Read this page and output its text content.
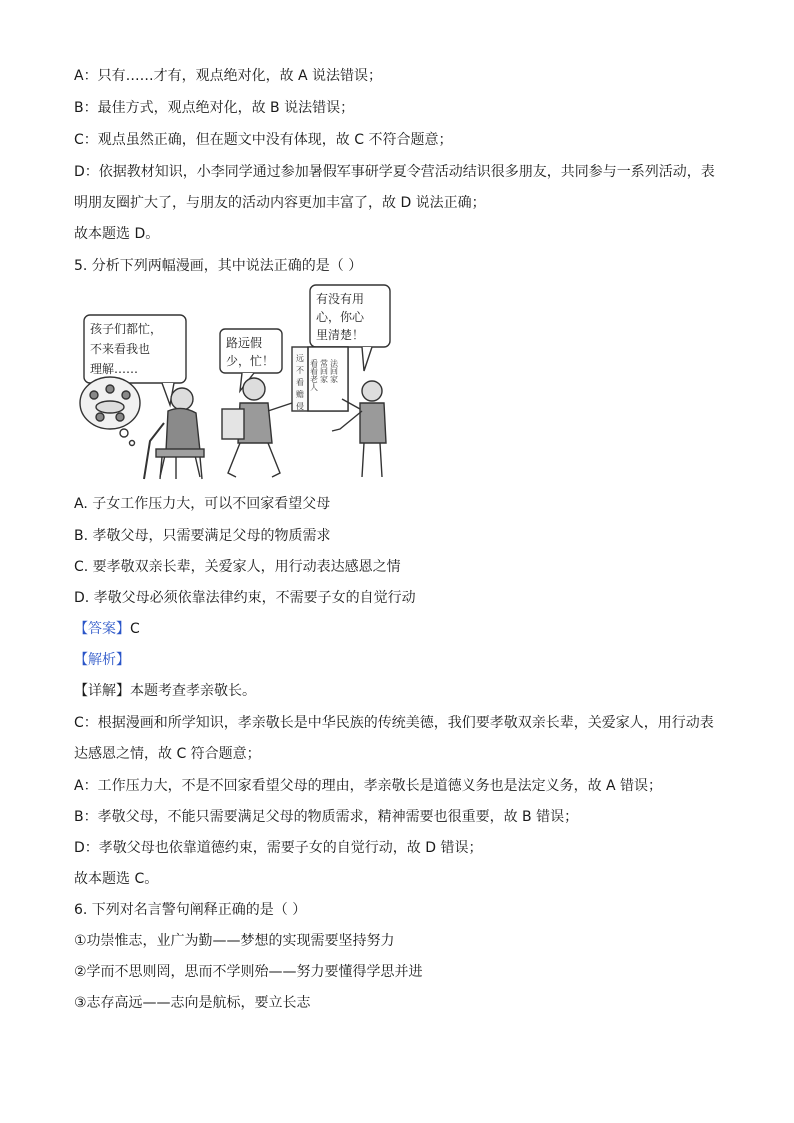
A：只有……才有，观点绝对化，故 A 说法错误；
B：最佳方式，观点绝对化，故 B 说法错误；
C：观点虽然正确，但在题文中没有体现，故 C 不符合题意；
D：依据教材知识，小李同学通过参加暑假军事研学夏令营活动结识很多朋友，共同参与一系列活动，表
明朋友圈扩大了，与朋友的活动内容更加丰富了，故 D 说法正确；
故本题选 D。
5. 分析下列两幅漫画，其中说法正确的是（ ）
孩子们都忙，
不来看我也
理解……
路远假
少，忙！
有没有用
心，你心
里清楚！
法回家
常回家
看看老人
远
不
看
赡
侵
A. 子女工作压力大，可以不回家看望父母
B. 孝敬父母，只需要满足父母的物质需求
C. 要孝敬双亲长辈，关爱家人，用行动表达感恩之情
D. 孝敬父母必须依靠法律约束，不需要子女的自觉行动
【答案】C
【解析】
【详解】本题考查孝亲敬长。
C：根据漫画和所学知识，孝亲敬长是中华民族的传统美德，我们要孝敬双亲长辈，关爱家人，用行动表
达感恩之情，故 C 符合题意；
A：工作压力大，不是不回家看望父母的理由，孝亲敬长是道德义务也是法定义务，故 A 错误；
B：孝敬父母，不能只需要满足父母的物质需求，精神需要也很重要，故 B 错误；
D：孝敬父母也依靠道德约束，需要子女的自觉行动，故 D 错误；
故本题选 C。
6. 下列对名言警句阐释正确的是（ ）
①功崇惟志，业广为勤——梦想的实现需要坚持努力
②学而不思则罔，思而不学则殆——努力要懂得学思并进
③志存高远——志向是航标，要立长志
